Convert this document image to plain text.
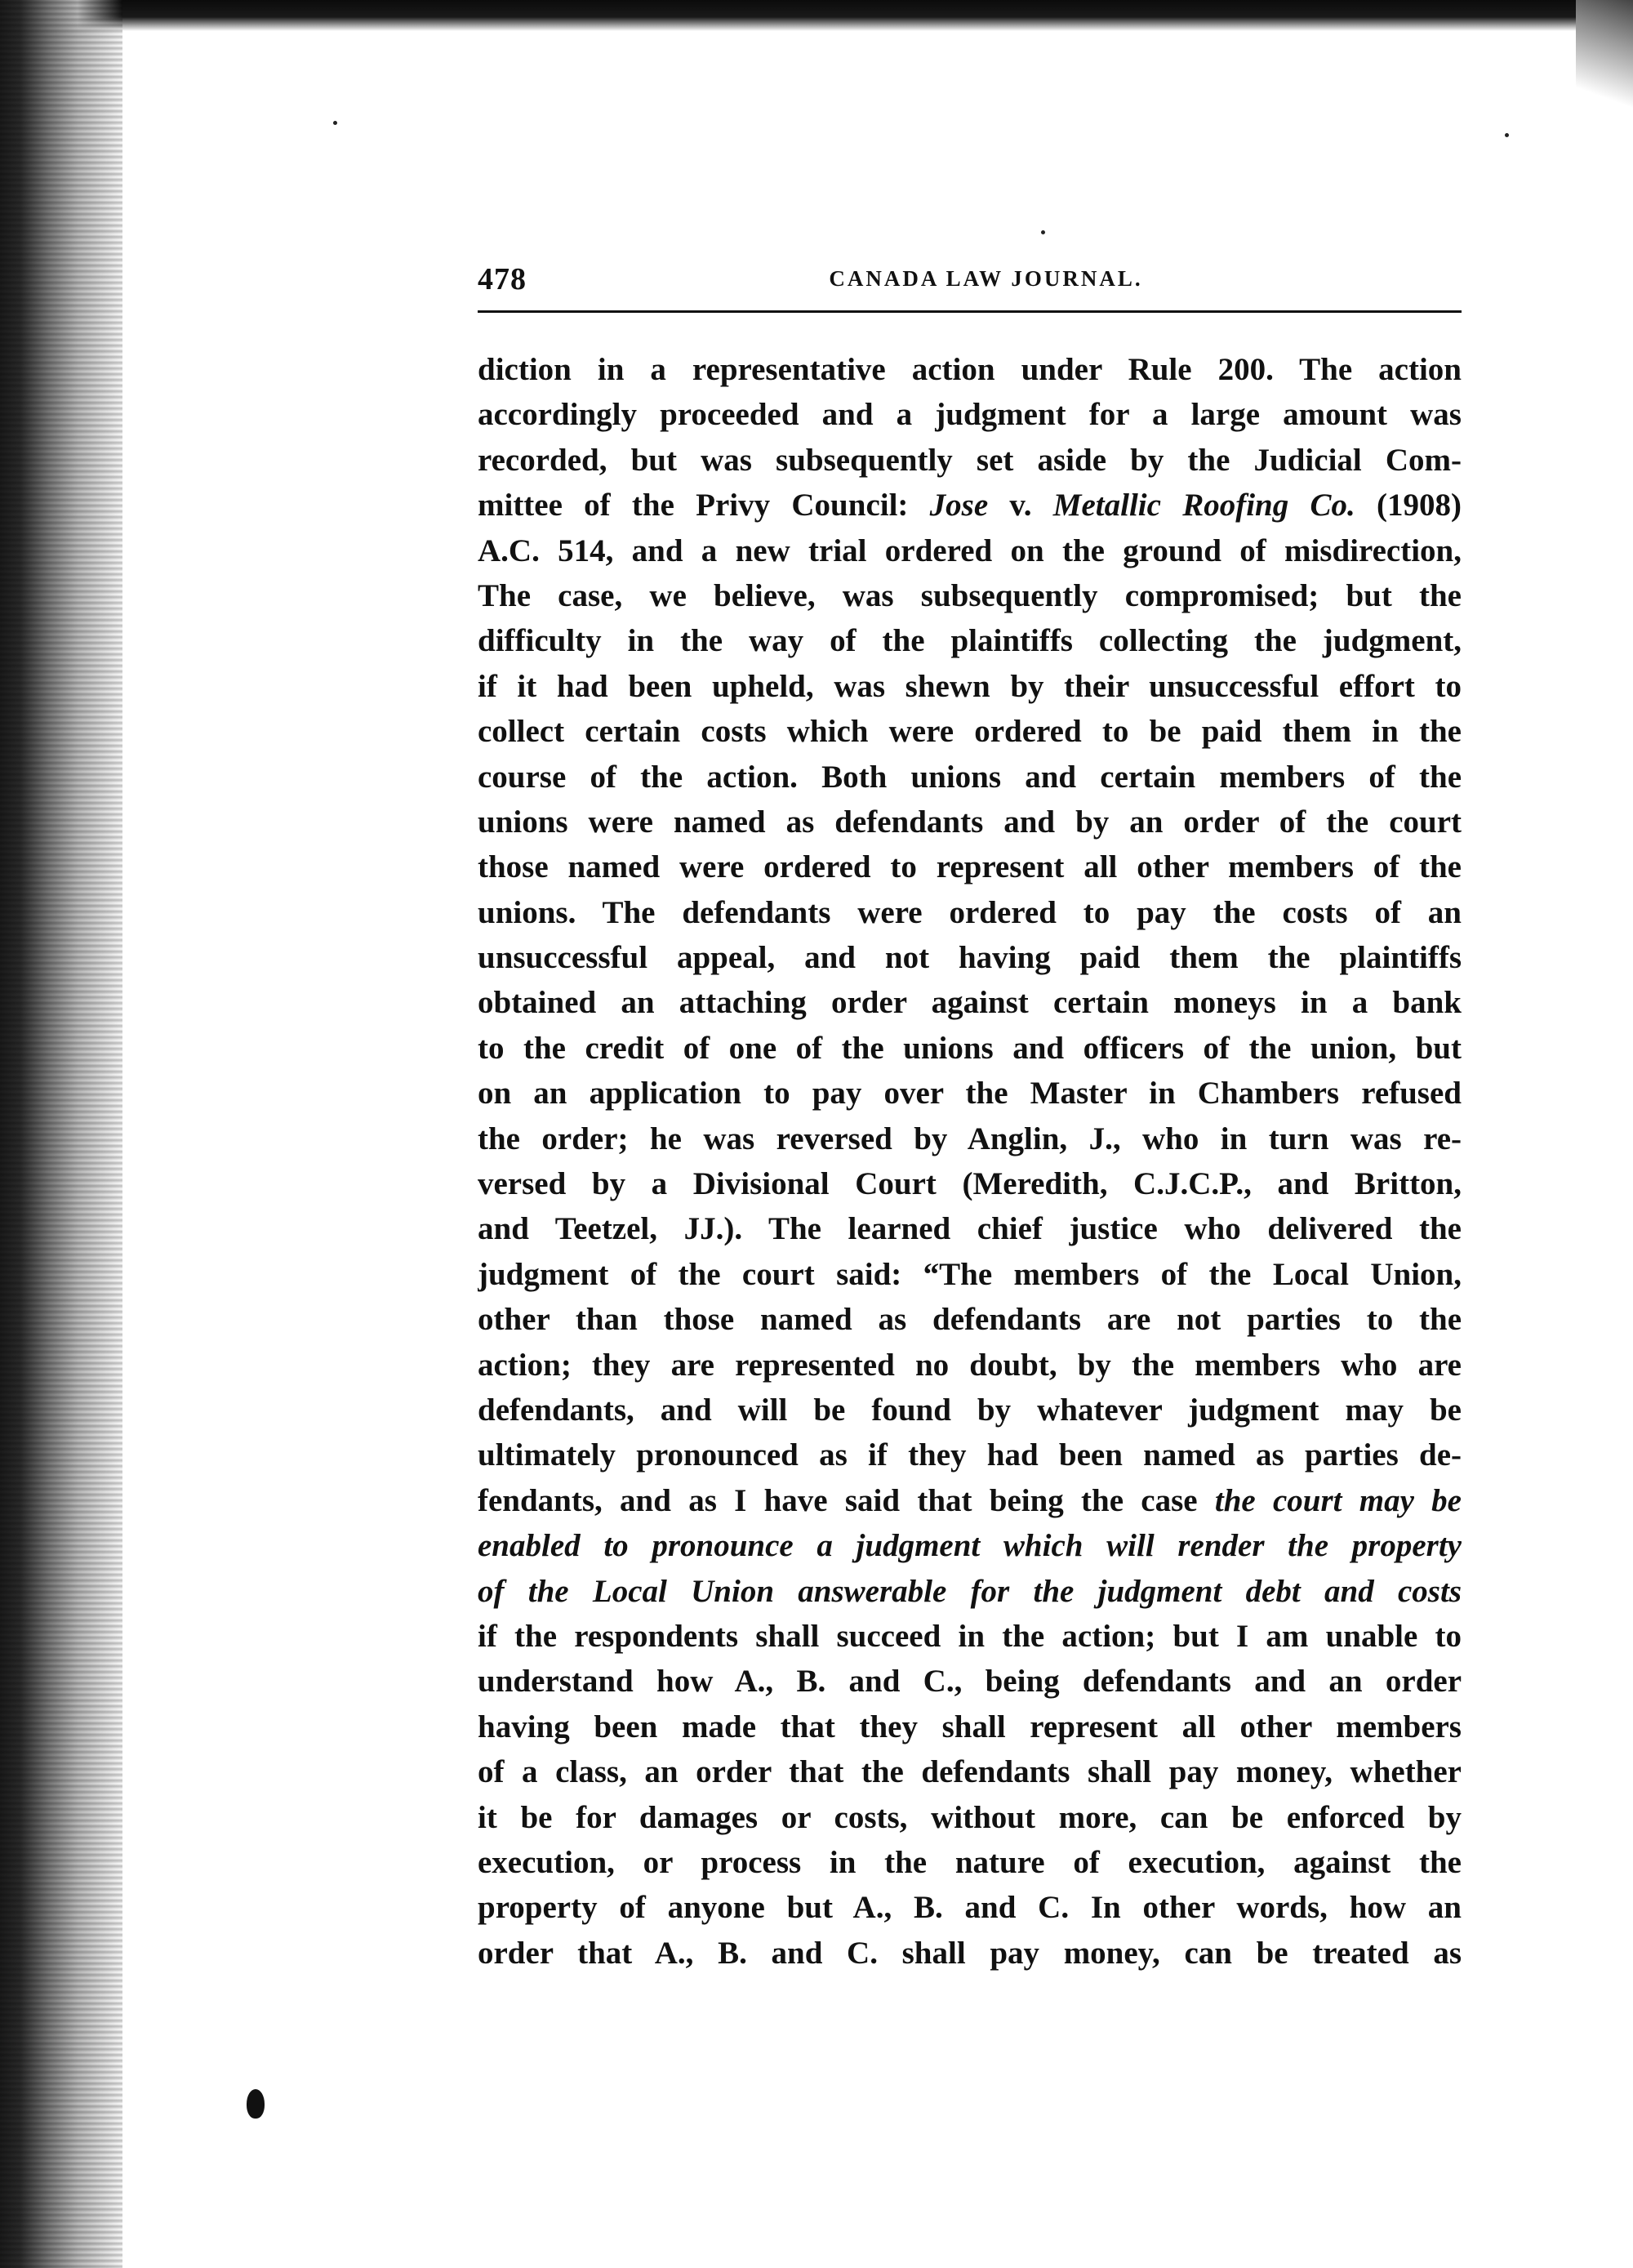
478	CANADA LAW JOURNAL.
diction in a representative action under Rule 200. The action
accordingly proceeded and a judgment for a large amount was
recorded, but was subsequently set aside by the Judicial Com-
mittee of the Privy Council: Jose v. Metallic Roofing Co. (1908)
A.C. 514, and a new trial ordered on the ground of misdirection,
The case, we believe, was subsequently compromised; but the
difficulty in the way of the plaintiffs collecting the judgment,
if it had been upheld, was shewn by their unsuccessful effort to
collect certain costs which were ordered to be paid them in the
course of the action. Both unions and certain members of the
unions were named as defendants and by an order of the court
those named were ordered to represent all other members of the
unions. The defendants were ordered to pay the costs of an
unsuccessful appeal, and not having paid them the plaintiffs
obtained an attaching order against certain moneys in a bank
to the credit of one of the unions and officers of the union, but
on an application to pay over the Master in Chambers refused
the order; he was reversed by Anglin, J., who in turn was re-
versed by a Divisional Court (Meredith, C.J.C.P., and Britton,
and Teetzel, JJ.). The learned chief justice who delivered the
judgment of the court said: “The members of the Local Union,
other than those named as defendants are not parties to the
action; they are represented no doubt, by the members who are
defendants, and will be found by whatever judgment may be
ultimately pronounced as if they had been named as parties de-
fendants, and as I have said that being the case the court may be
enabled to pronounce a judgment which will render the property
of the Local Union answerable for the judgment debt and costs
if the respondents shall succeed in the action; but I am unable to
understand how A., B. and C., being defendants and an order
having been made that they shall represent all other members
of a class, an order that the defendants shall pay money, whether
it be for damages or costs, without more, can be enforced by
execution, or process in the nature of execution, against the
property of anyone but A., B. and C. In other words, how an
order that A., B. and C. shall pay money, can be treated as
